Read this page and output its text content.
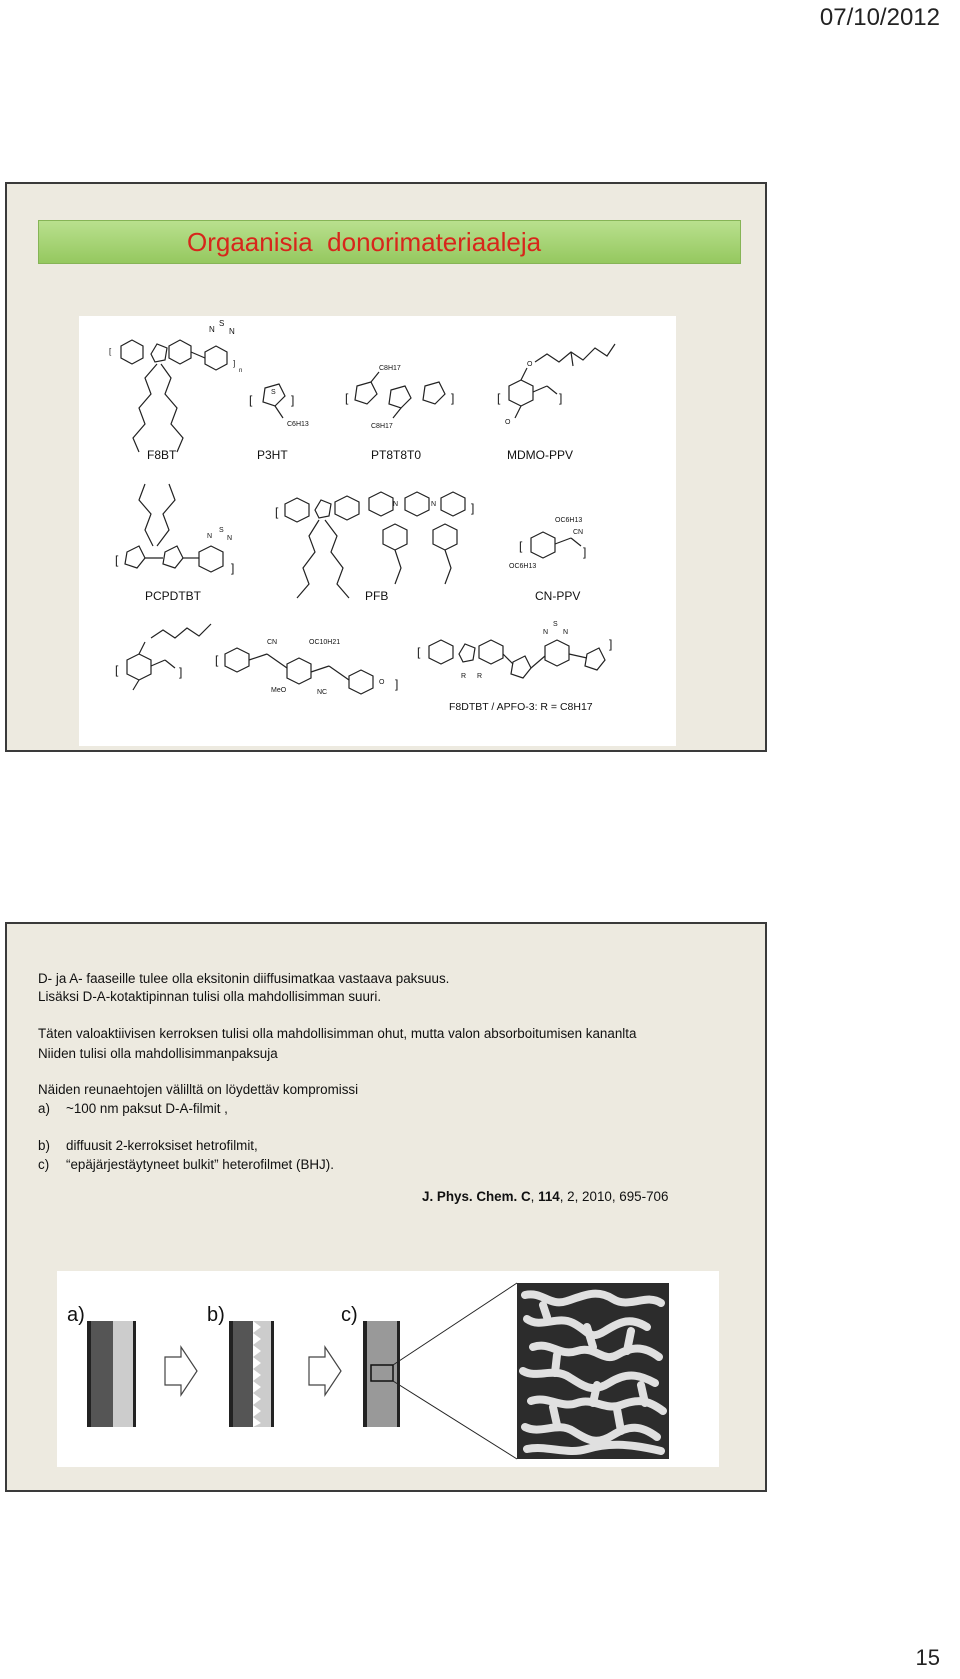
07/10/2012
Orgaanisia  donorimateriaaleja
N
S
N
]
[
n
F8BT
[
S
]
C6H13
P3HT
[	]
C8H17
C8H17
PT8T8T0
O
O
[	]
MDMO-PPV
N
S
N
[
]
PCPDTBT
N	N
[	]
PFB
OC6H13
CN
OC6H13
[	]
CN-PPV
[	]
CN	OC10H21
MeO	NC
O
[
]
R R
N
S
N
[
]
F8DTBT / APFO-3: R = C8H17
D- ja A- faaseille tulee olla eksitonin diiffusimatkaa vastaava paksuus.
Lisäksi D-A-kotaktipinnan tulisi olla mahdollisimman suuri.
Täten valoaktiivisen kerroksen tulisi olla mahdollisimman ohut, mutta valon absorboitumisen kananlta
Niiden tulisi olla mahdollisimmanpaksuja
Näiden reunaehtojen välilltä on löydettäv kompromissi
a) ~100 nm paksut D-A-filmit ,
b) diffuusit 2-kerroksiset hetrofilmit,
c) “epäjärjestäytyneet bulkit” heterofilmet (BHJ).
J. Phys. Chem. C, 114, 2, 2010, 695-706
a)	b)	c)
15
